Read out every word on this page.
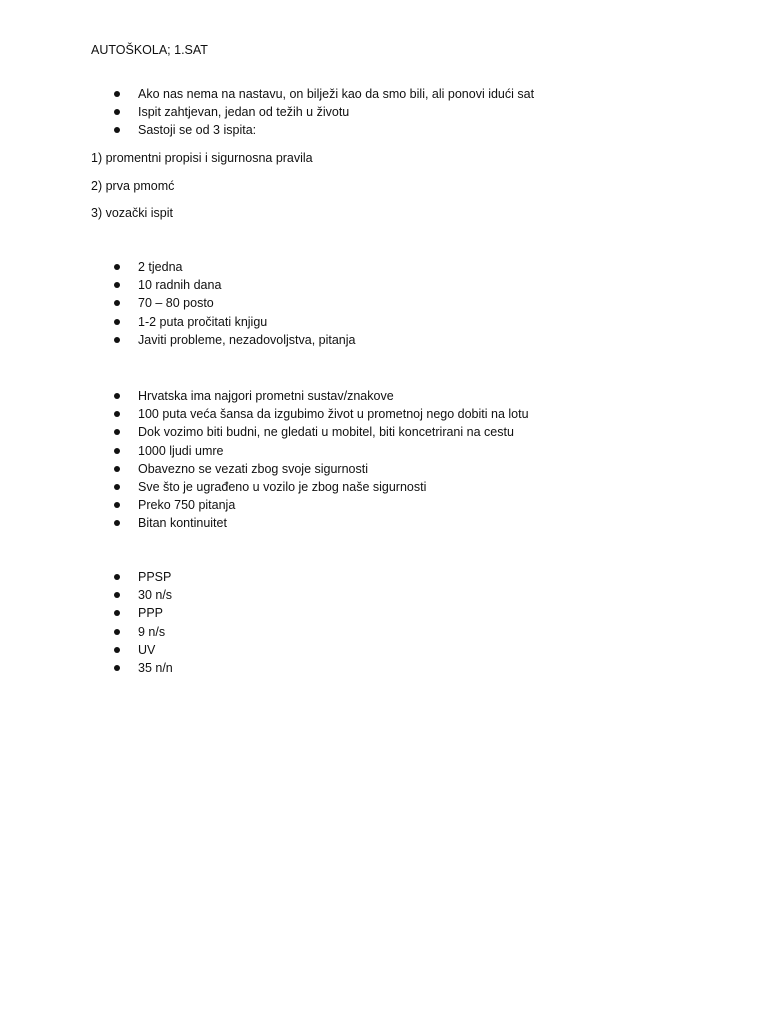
AUTOŠKOLA; 1.SAT
Ako nas nema na nastavu, on bilježi kao da smo bili, ali ponovi idući sat
Ispit zahtjevan, jedan od težih u životu
Sastoji se od 3 ispita:

1) promentni propisi i sigurnosna pravila

2) prva pmomć

3) vozački ispit

2 tjedna
10 radnih dana
70 – 80 posto
1-2 puta pročitati knjigu
Javiti probleme, nezadovoljstva, pitanja
Hrvatska ima najgori prometni sustav/znakove
100 puta veća šansa da izgubimo život u prometnoj nego dobiti na lotu
Dok vozimo biti budni, ne gledati u mobitel, biti koncetrirani na cestu
1000 ljudi umre
Obavezno se vezati zbog svoje sigurnosti
Sve što je ugrađeno u vozilo je zbog naše sigurnosti
Preko 750 pitanja
Bitan kontinuitet
PPSP
30 n/s
PPP
9 n/s
UV
35 n/n
